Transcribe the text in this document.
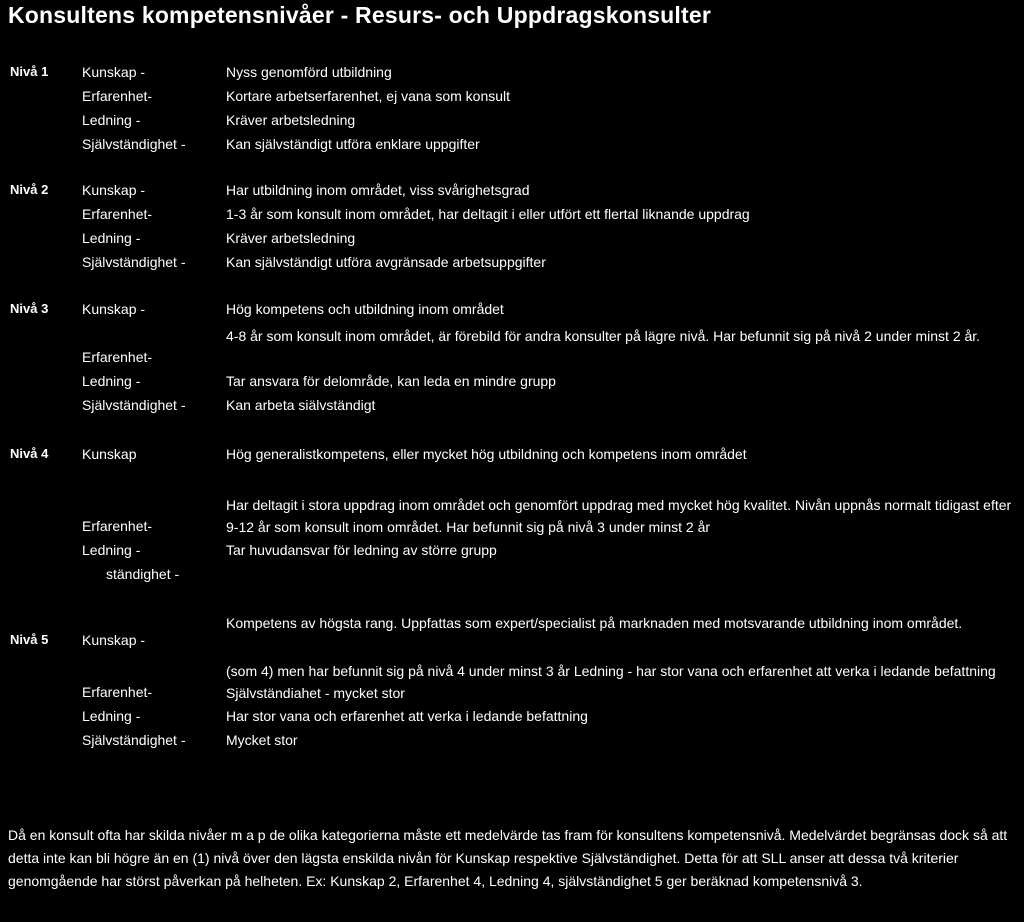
Konsultens kompetensnivåer - Resurs- och Uppdragskonsulter
Nivå 1 Kunskap -
Erfarenhet-
Ledning -
Självständighet -
Nyss genomförd utbildning
Kortare arbetserfarenhet, ej vana som konsult
Kräver arbetsledning
Kan självständigt utföra enklare uppgifter
Nivå 2 Kunskap -
Erfarenhet-
Ledning -
Självständighet -
Har utbildning inom området, viss svårighetsgrad
1-3 år som konsult inom området, har deltagit i eller utfört ett flertal liknande uppdrag
Kräver arbetsledning
Kan självständigt utföra avgränsade arbetsuppgifter
Nivå 3 Kunskap -
Erfarenhet-
Ledning -
Självständighet -
Hög kompetens och utbildning inom området
4-8 år som konsult inom området, är förebild för andra konsulter på lägre nivå. Har befunnit sig på nivå 2 under minst 2 år.
Tar ansvara för delområde, kan leda en mindre grupp
Kan arbeta siälvständigt
Nivå 4 Kunskap
Erfarenhet-
Ledning -
ständighet -
Hög generalistkompetens, eller mycket hög utbildning och kompetens inom området
Har deltagit i stora uppdrag inom området och genomfört uppdrag med mycket hög kvalitet. Nivån uppnås normalt tidigast efter 9-12 år som konsult inom området. Har befunnit sig på nivå 3 under minst 2 år
Tar huvudansvar för ledning av större grupp
Nivå 5 Kunskap -
Erfarenhet-
Ledning -
Självständighet -
Kompetens av högsta rang. Uppfattas som expert/specialist på marknaden med motsvarande utbildning inom området.
(som 4) men har befunnit sig på nivå 4 under minst 3 år Ledning - har stor vana och erfarenhet att verka i ledande befattning Självständiahet - mycket stor
Har stor vana och erfarenhet att verka i ledande befattning
Mycket stor
Då en konsult ofta har skilda nivåer m a p de olika kategorierna måste ett medelvärde tas fram för konsultens kompetensnivå. Medelvärdet begränsas dock så att detta inte kan bli högre än en (1) nivå över den lägsta enskilda nivån för Kunskap respektive Självständighet. Detta för att SLL anser att dessa två kriterier genomgående har störst påverkan på helheten. Ex: Kunskap 2, Erfarenhet 4, Ledning 4, självständighet 5 ger beräknad kompetensnivå 3.
